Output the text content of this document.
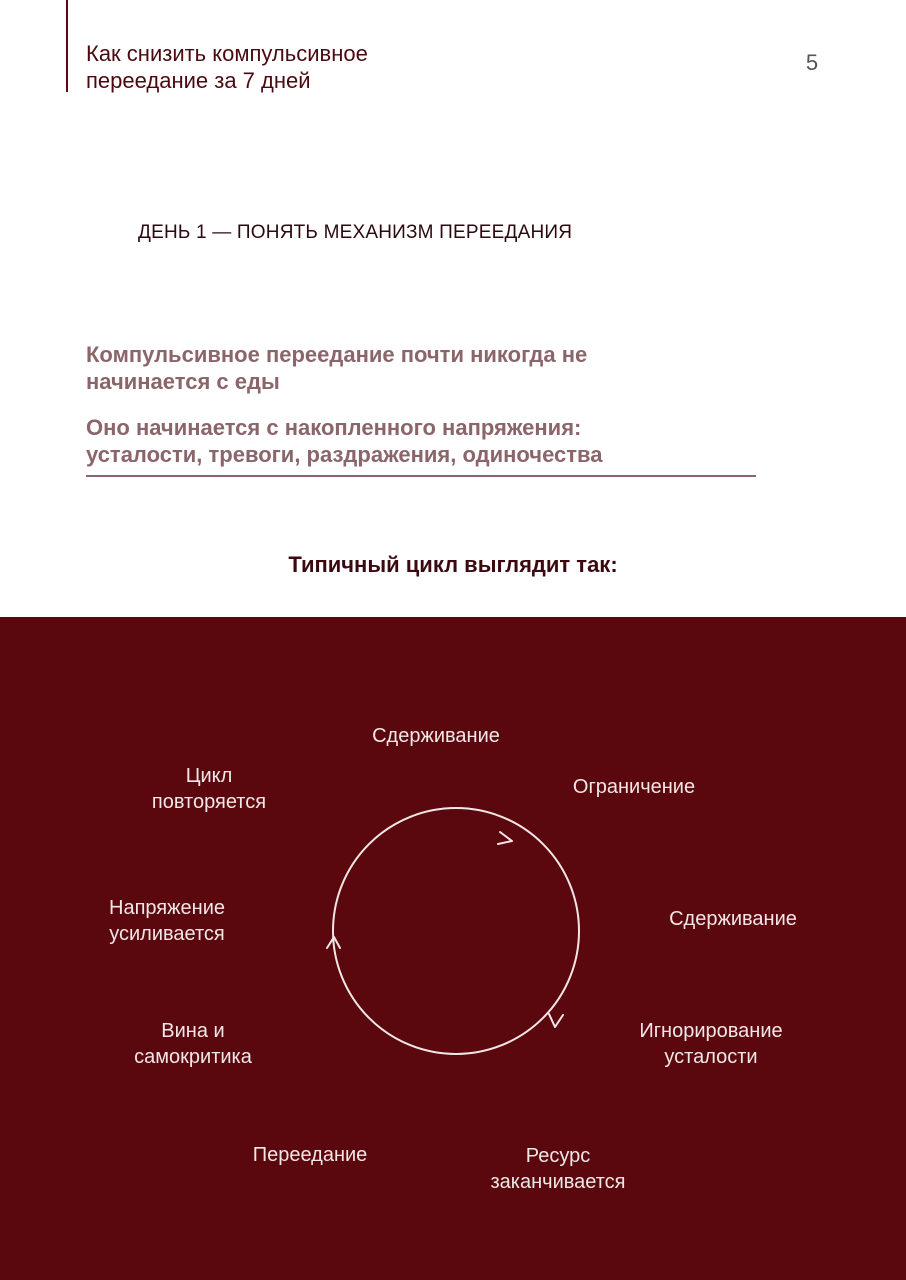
Как снизить компульсивное
переедание за 7 дней
5
ДЕНЬ 1 — ПОНЯТЬ МЕХАНИЗМ ПЕРЕЕДАНИЯ

Компульсивное переедание почти никогда не
начинается с еды

Оно начинается с накопленного напряжения:
усталости, тревоги, раздражения, одиночества

Типичный цикл выглядит так:

Сдерживание
Ограничение
Сдерживание
Игнорирование
усталости
Ресурс
заканчивается
Переедание
Вина и
самокритика
Напряжение
усиливается
Цикл
повторяется
